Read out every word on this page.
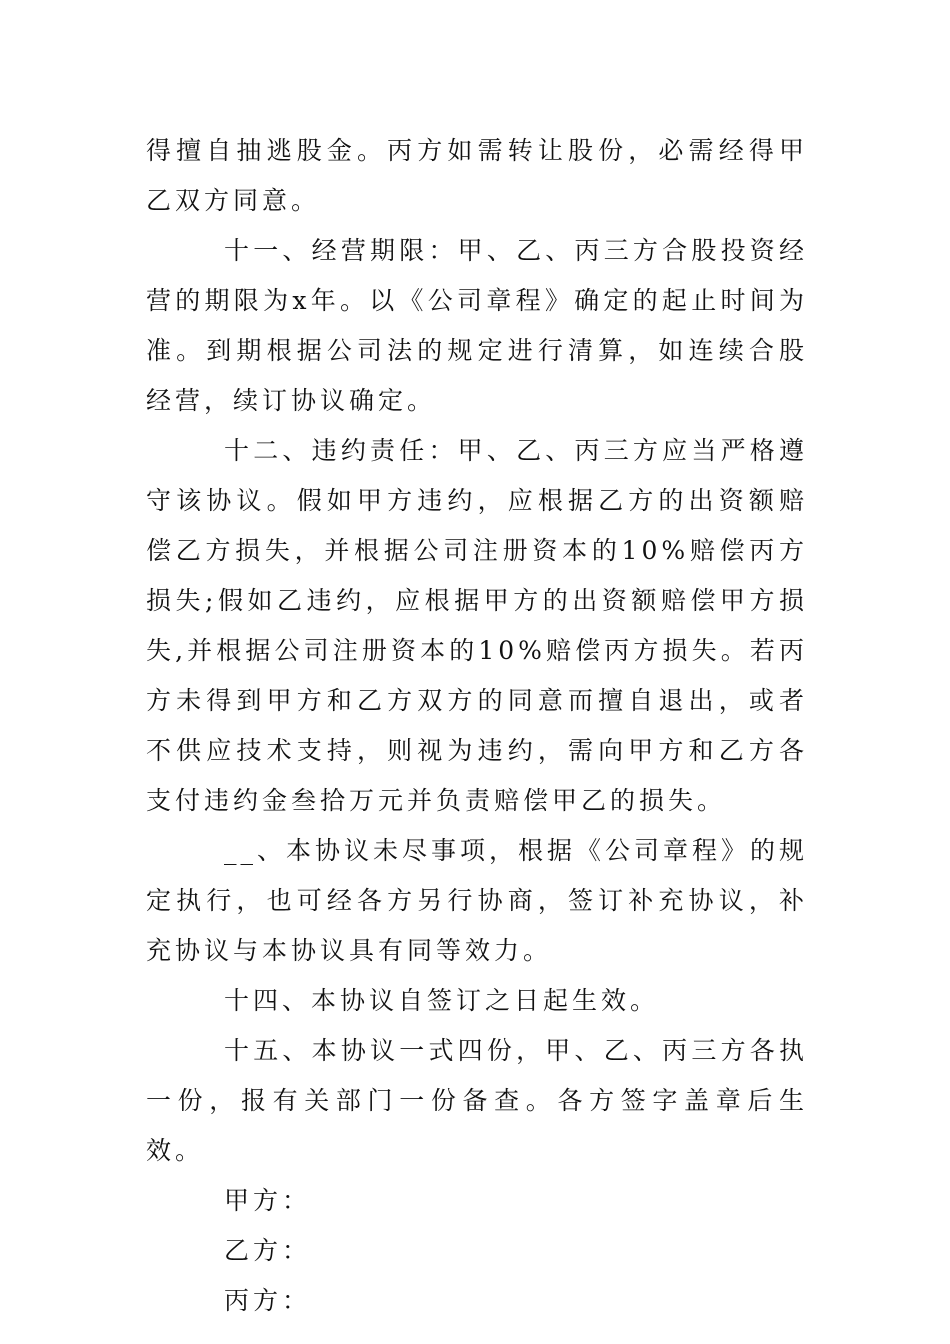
得擅自抽逃股金。丙方如需转让股份，必需经得甲乙双方同意。

十一、经营期限：甲、乙、丙三方合股投资经营的期限为x年。以《公司章程》确定的起止时间为准。到期根据公司法的规定进行清算，如连续合股经营，续订协议确定。

十二、违约责任：甲、乙、丙三方应当严格遵守该协议。假如甲方违约，应根据乙方的出资额赔偿乙方损失，并根据公司注册资本的10%赔偿丙方损失;假如乙违约，应根据甲方的出资额赔偿甲方损失,并根据公司注册资本的10%赔偿丙方损失。若丙方未得到甲方和乙方双方的同意而擅自退出，或者不供应技术支持，则视为违约，需向甲方和乙方各支付违约金叁拾万元并负责赔偿甲乙的损失。

__、本协议未尽事项，根据《公司章程》的规定执行，也可经各方另行协商，签订补充协议，补充协议与本协议具有同等效力。

十四、本协议自签订之日起生效。

十五、本协议一式四份，甲、乙、丙三方各执一份，报有关部门一份备查。各方签字盖章后生效。

甲方：

乙方：

丙方：
